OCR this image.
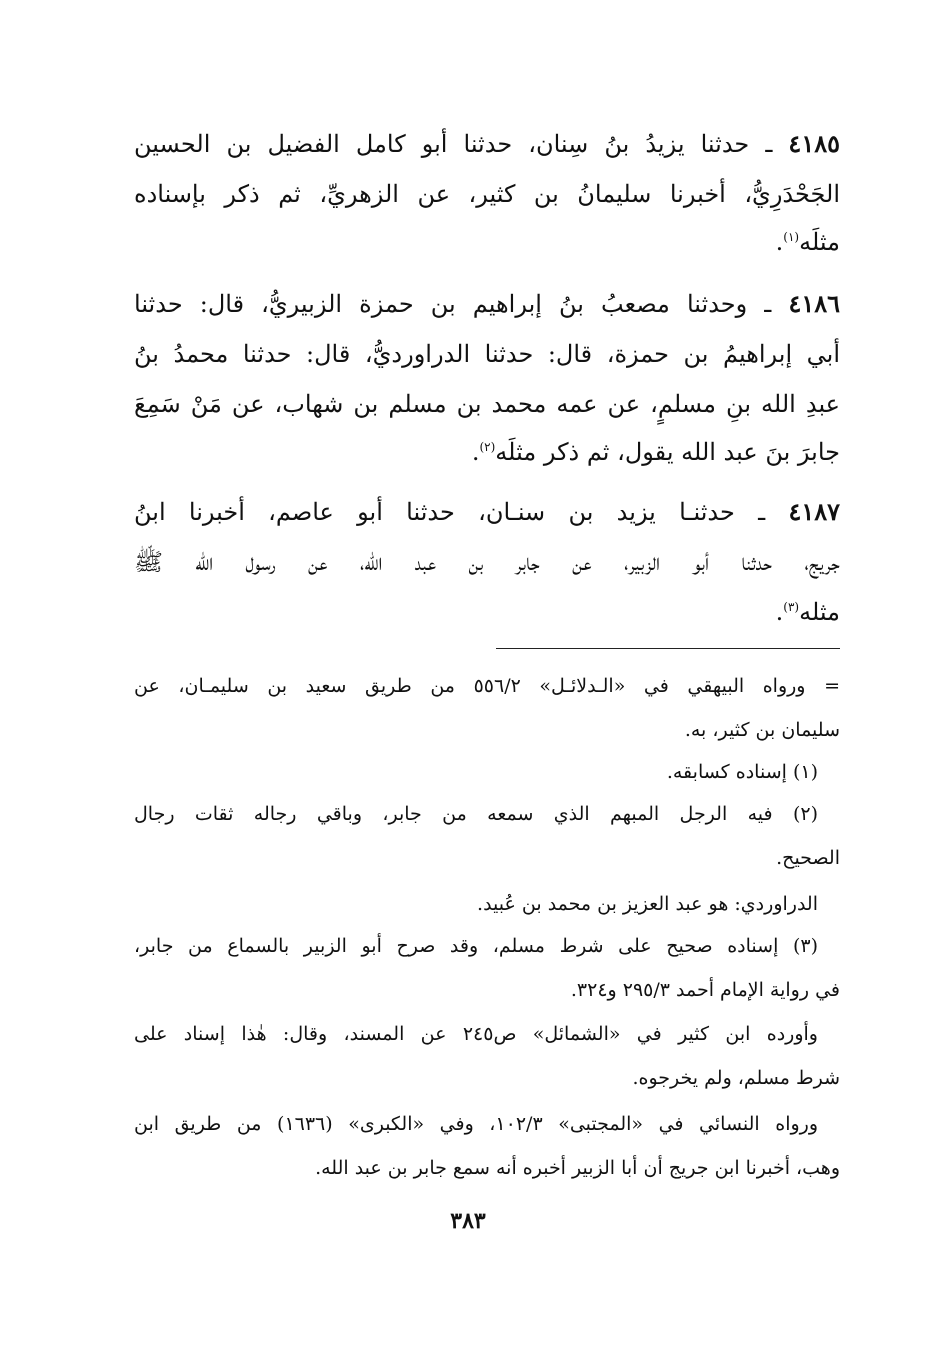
٤١٨٥ ـ حدثنا يزيدُ بنُ سِنان، حدثنا أبو كامل الفضيل بن الحسين
الجَحْدَرِيُّ، أخبرنا سليمانُ بن كثير، عن الزهريِّ، ثم ذكر بإسناده
مثلَه$^{(١)}$.
٤١٨٦ ـ وحدثنا مصعبُ بنُ إبراهيم بن حمزة الزبيريُّ، قال: حدثنا
أبي إبراهيمُ بن حمزة، قال: حدثنا الدراورديُّ، قال: حدثنا محمدُ بنُ
عبدِ الله بنِ مسلمٍ، عن عمه محمد بن مسلم بن شهاب، عن مَنْ سَمِعَ
جابرَ بنَ عبد الله يقول، ثم ذكر مثلَه$^{(٢)}$.
٤١٨٧ ـ حدثنـا يزيد بن سنـان، حدثنا أبو عاصم، أخبرنا ابنُ
جريج، حدثنا أبو الزبير، عن جابر بن عبد الله، عن رسول الله ﷺ
مثله$^{(٣)}$.
= ورواه البيهقي في «الـدلائـل» ٥٥٦/٢ من طريق سعيد بن سليمـان، عن
سليمان بن كثير، به.
(١) إسناده كسابقه.
(٢) فيه الرجل المبهم الذي سمعه من جابر، وباقي رجاله ثقات رجال
الصحيح.
الدراوردي: هو عبد العزيز بن محمد بن عُبيد.
(٣) إسناده صحيح على شرط مسلم، وقد صرح أبو الزبير بالسماع من جابر،
في رواية الإمام أحمد ٢٩٥/٣ و٣٢٤.
وأورده ابن كثير في «الشمائل» ص٢٤٥ عن المسند، وقال: هٰذا إسناد على
شرط مسلم، ولم يخرجوه.
ورواه النسائي في «المجتبى» ١٠٢/٣، وفي «الكبرى» (١٦٣٦) من طريق ابن
وهب، أخبرنا ابن جريج أن أبا الزبير أخبره أنه سمع جابر بن عبد الله.
٣٨٣
